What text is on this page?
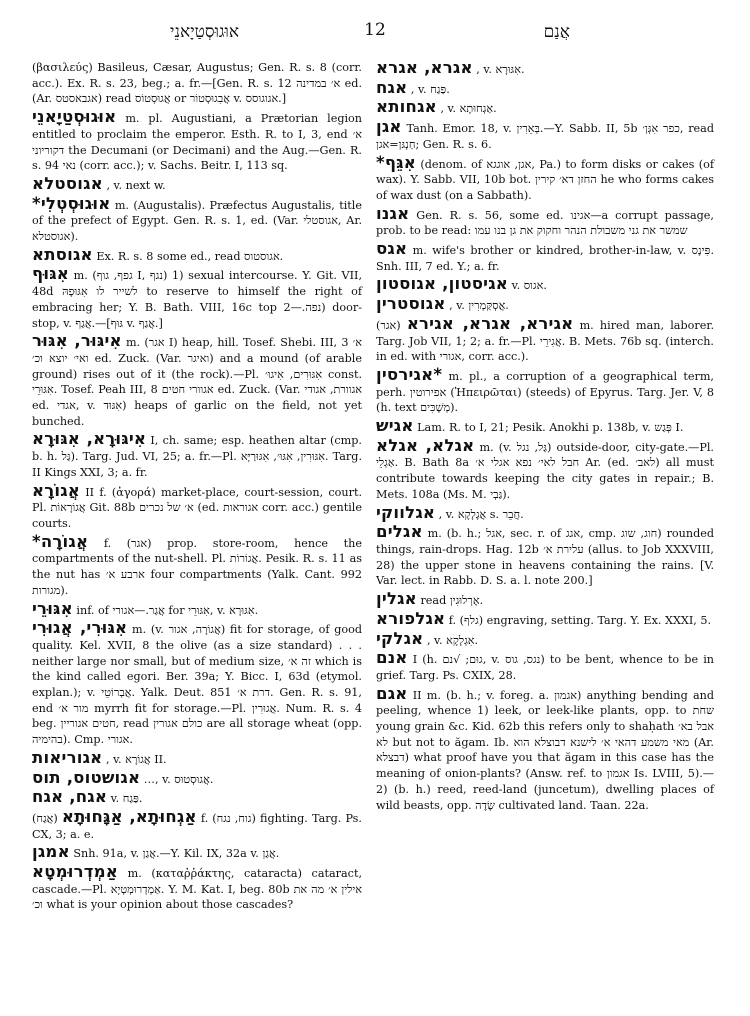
אוּגוּסְטַיָאנֵי	12	אֲנַם
(βασιλεύς) Basileus, Cæsar, Augustus; Gen. R. s. 8 (corr. acc.). Ex. R. s. 23, beg.; a. fr.—[Gen. R. s. 12 א׳ במדינה ed. (Ar. אגבאסטס) read אֲגוּסְטוֹס or אֲבִגוּסְטוֹר v. אגוגוסס.]
אוּגוּסְטַיָאנֵי m. pl. Augustiani, a Prætorian legion entitled to proclaim the emperor. Esth. R. to I, 3, end א׳ דקוריוני the Decumani (or Decimani) and the Aug.—Gen. R. s. 94 נאי (corr. acc.); v. Sachs. Beitr. I, 113 sq.
אגוסטלא , v. next w.
*אוּגוּסְטְלִי m. (Augustalis). Præfectus Augustalis, title of the prefect of Egypt. Gen. R. s. 1, ed. (Var. אגוסטלי, Ar. אגוסטלא).
אגוסתא Ex. R. s. 8 some ed., read אגוסטוס.
אִגּוּף m. (גפף, גוף I, נגף) 1) sexual intercourse. Y. Git. VII, 48d לשייר לו אִגּוּפָהּ to reserve to himself the right of embracing her; Y. B. Bath. VIII, 16c top נפה.—2) door-stop, v. אֲגַף.—[גּוּף v. אֲגַף.]
אִיגּוּר, אִגּוּר m. (אגר I) heap, hill. Tosef. Shebi. III, 3 א׳ ואי׳ יוצא וכ׳ ed. Zuck. (Var. ואיגר) and a mound (of arable ground) rises out of it (the rock).—Pl. אִגּוּרִים, אִיגוּ׳ const. אִגּוּרֵי. Tosef. Peah III, 8 אגוורי חטים ed. Zuck. (Var. אגוורת, אגודי ed. אגדי, v. אִגּוּד) heaps of garlic on the field, not yet bunched.
אִיגּוּרָא, אִגּוּרָא I, ch. same; esp. heathen altar (cmp. b. h. גַּל). Targ. Jud. VI, 25; a. fr.—Pl. אִגּוּרִין, אִגּוּ׳, אִגּוּרַיָּא. Targ. II Kings XXI, 3; a. fr.
אֲגוֹרָא II f. (ἀγορά) market-place, court-session, court. Pl. אֲגוֹרָאוֹת Git. 88b א׳ של נכרים (ed. אגוראות corr. acc.) gentile courts.
*אֲגוֹרָה f. (אגר) prop. store-room, hence the compartments of the nut-shell. Pl. אֲגוֹרוֹת. Pesik. R. s. 11 as the nut has ארבע א׳ four compartments (Yalk. Cant. 992 מגורות).
אִגּוּרֵי inf. of אֲגַר.—אגורי for אִגּוּרֵי, v. אִגּוּרָא.
אִגּוּרִי, אֲגוּרִי m. (v. אֲגוֹרָה, אגור) fit for storage, of good quality. Kel. XVII, 8 the olive (as a size standard) . . . neither large nor small, but of medium size, זה א׳ which is the kind called egori. Ber. 39a; Y. Bicc. I, 63d (etymol. explan.); v. אֲבְרוֹטֵי. Yalk. Deut. 851 דרת א׳. Gen. R. s. 91, end מור א׳ myrrh fit for storage.—Pl. אֲגוּרִין. Num. R. s. 4 beg. חטים אגוריין, read כולם אגורין are all storage wheat (opp. בהימיה). Cmp. אגורי.
אגוריאות , v. אֲגוֹרָא II.
אגושטוס, תוס …, v. אֲגוּסְטוּס.
אגח, אגח v. פַּגַח.
אַגְחוּתָא, אַגָּחוּתָא (אֲגַח) f. (גוח, נגח) fighting. Targ. Ps. CX, 3; a. e.
אמגן Snh. 91a, v. אֲגַן.—Y. Kil. IX, 32a v. אֲגַן.
אַמְדְרוּמְטָא m. (καταῤῥάκτης, cataracta) cataract, cascade.—Pl. אַמְדְרוּמְטְיָא. Y. M. Kat. I, beg. 80b אילין א׳ מה את וכ׳ what is your opinion about those cascades?
אגרא, אגרא , v. אִגּוּרָא.
אגח , v. פַּגַח.
אגחותא , v. אַגְחוּתָא.
אגן Tanh. Emor. 18, v. בְּאֵרִין.—Y. Sabb. II, 5b כפר אִגְּן׳, read חַנְגּן=אגן; Gen. R. s. 6.
*אִגֵּף (denom. of אגן, אוגגא, Pa.) to form disks or cakes (of wax). Y. Sabb. VII, 10b bot. החזן דא׳ קירין he who forms cakes of wax dust (on a Sabbath).
אגנו Gen. R. s. 56, some ed. אגינו—a corrupt passage, prob. to be read: שמשר את גני משבולת הנהר וחקוק את גן בנו עמו
אגס m. wife's brother or kindred, brother-in-law, v. פִּינָס. Snh. III, 7 ed. Y.; a. fr.
אגיסטון, אגוסטון v. אגוס.
אגוסטרין , v. אֲסְקַּמְרִין.
אגירא, אגרא, אגירא (אגר) m. hired man, laborer. Targ. Job VII, 1; 2; a. fr.—Pl. אֲגִירֵי. B. Mets. 76b sq. (interch. in ed. with אגורי, corr. acc.).
אגירסין* m. pl., a corruption of a geographical term, perh. אפירוטין (Ἠπειρῶται) (steeds) of Epyrus. Targ. Jer. V, 8 (h. text מְשָׁכִּים).
אגיש Lam. R. to I, 21; Pesik. Anokhi p. 138b, v. פְּגַש I.
אגלא, אגלא m. (v. גַּל, נגל) outside-door, city-gate.—Pl. אַגְלֵי. B. Bath 8a חבל לאי׳ נפא אגלי א׳ Ar. (ed. לאב׳) all must contribute towards keeping the city gates in repair.; B. Mets. 108a (Ms. M. גַּבְי).
אגלווקי , v. אֲגָלָקָא s. חֲבֵר.
אגלים m. (b. h.; אגל, sec. r. of אגג, cmp. חוג, שוג) rounded things, rain-drops. Hag. 12b עלירת א׳ (allus. to Job XXXVIII, 28) the upper stone in heavens containing the rains. [V. Var. lect. in Rabb. D. S. a. l. note 200.]
אגלין read אֶרְלוּגִין.
אגלפורא f. (גלף) engraving, setting. Targ. Y. Ex. XXXI, 5.
אגלקי , v. אִגְלָקָא.
אנם I (h. גוּם; √נם, v. נגס, גוס) to be bent, whence to be in grief. Targ. Ps. CXIX, 28.
אגם II m. (b. h.; v. foreg. a. אגמון) anything bending and peeling, whence 1) leek, or leek-like plants, opp. to שחת young grain &c. Kid. 62b this refers only to shaḥath אבל בא׳ לא but not to ăgam. Ib. מאי משמע דהאי א׳ לישנא דבוצלא הוא (Ar. דבצלא) what proof have you that ăgam in this case has the meaning of onion-plants? (Answ. ref. to אגמון Is. LVIII, 5).—2) (b. h.) reed, reed-land (juncetum), dwelling places of wild beasts, opp. שָׂדֶה cultivated land. Taan. 22a.
